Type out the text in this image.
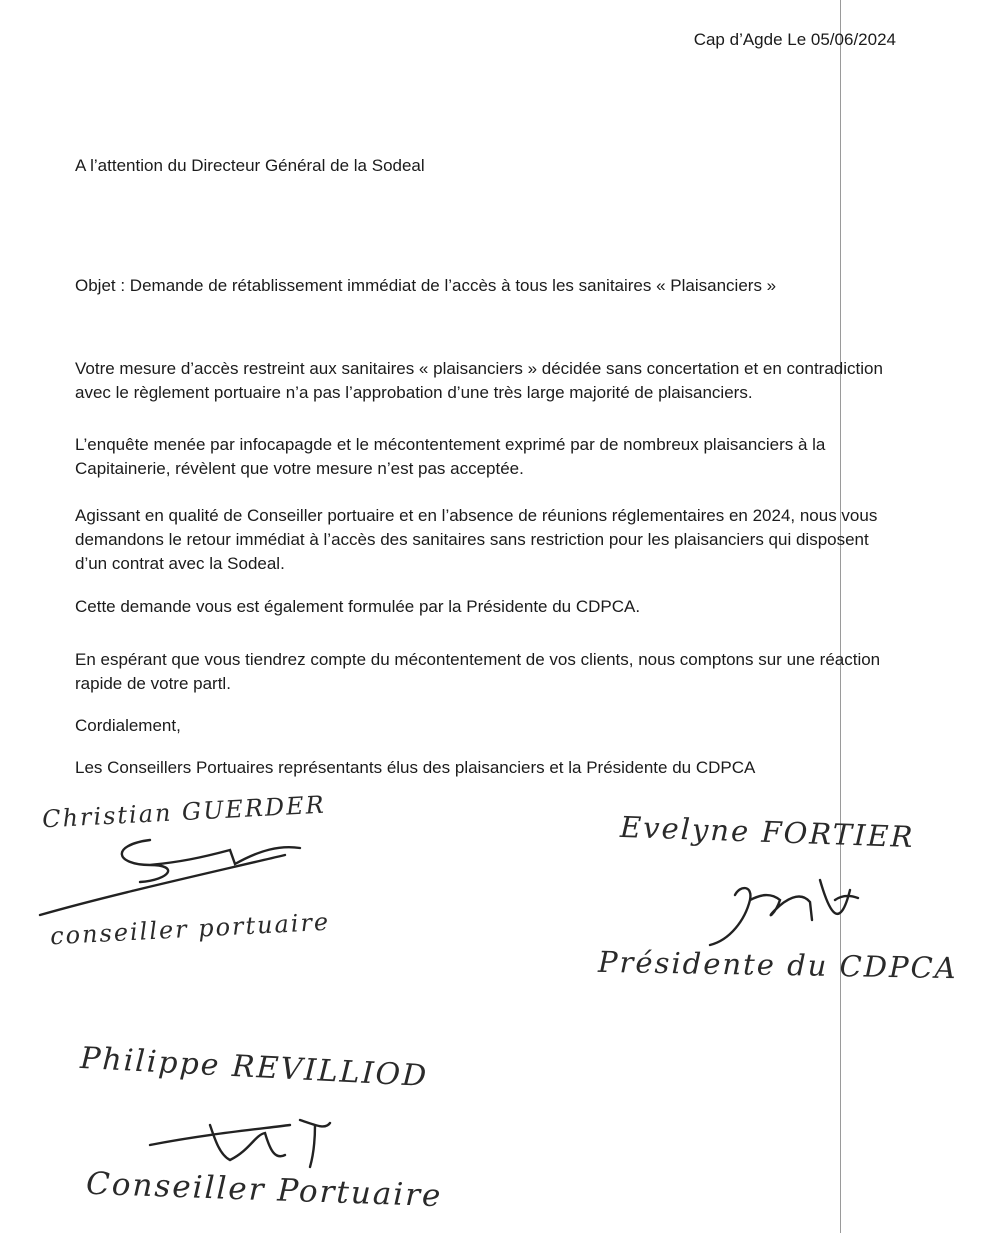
Cap d’Agde Le 05/06/2024

A l’attention du Directeur Général de la Sodeal

Objet : Demande de rétablissement immédiat de l’accès à tous les sanitaires « Plaisanciers »

Votre mesure d’accès restreint aux sanitaires « plaisanciers » décidée sans concertation et en contradiction avec le règlement portuaire n’a pas l’approbation d’une très large majorité de plaisanciers.

L’enquête menée par infocapagde et le mécontentement exprimé par de nombreux plaisanciers à la Capitainerie, révèlent que votre mesure n’est pas acceptée.

Agissant en qualité de Conseiller portuaire et en l’absence de réunions réglementaires en 2024, nous vous demandons le retour immédiat à l’accès des sanitaires sans restriction pour les plaisanciers qui disposent d’un contrat avec la Sodeal.

Cette demande vous est également formulée par la Présidente du CDPCA.

En espérant que vous tiendrez compte du mécontentement de vos clients, nous comptons sur une réaction rapide de votre partl.

Cordialement,

Les Conseillers Portuaires représentants élus des plaisanciers et la Présidente du CDPCA

Christian GUERDER
conseiller portuaire
Evelyne FORTIER
Présidente du CDPCA
Philippe REVILLIOD
Conseiller Portuaire
